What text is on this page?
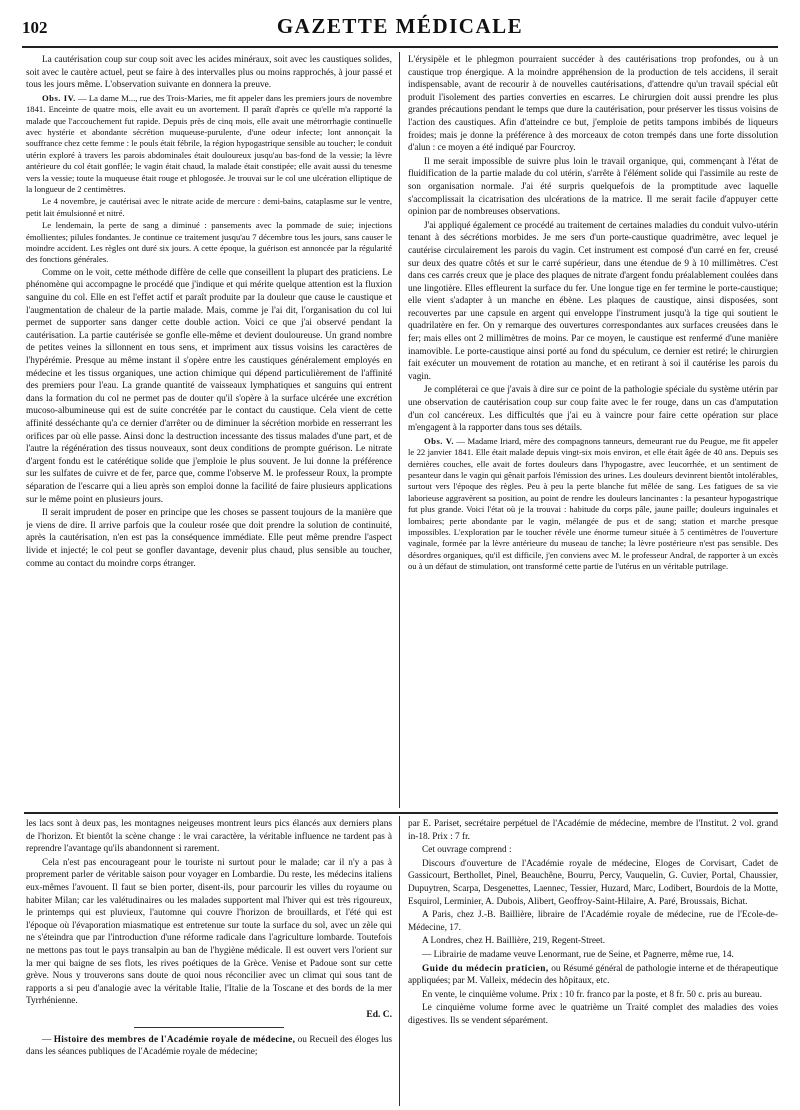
102	GAZETTE MÉDICALE

La cautérisation coup sur coup soit avec les acides minéraux, soit avec les caustiques solides, soit avec le cautère actuel, peut se faire à des intervalles plus ou moins rapprochés, à jour passé et tous les jours même. L'observation suivante en donnera la preuve.

Obs. IV. — La dame M..., rue des Trois-Maries, me fit appeler dans les premiers jours de novembre 1841. Enceinte de quatre mois, elle avait eu un avortement. Il paraît d'après ce qu'elle m'a rapporté la malade que l'accouchement fut rapide. Depuis près de cinq mois, elle avait une métrorrhagie continuelle avec hystérie et abondante sécrétion muqueuse-purulente, d'une odeur infecte; lont annonçait la souffrance chez cette femme : le pouls était fébrile, la région hypogastrique sensible au toucher; le conduit utérin exploré à travers les parois abdominales était douloureux jusqu'au bas-fond de la vessie; la lèvre antérieure du col était gonflée; le vagin était chaud, la malade était constipée; elle avait aussi du tenesme vers la vessie; toute la muqueuse était rouge et phlogosée. Je trouvai sur le col une ulcération elliptique de la longueur de 2 centimètres.

Le 4 novembre, je cautérisai avec le nitrate acide de mercure : demi-bains, cataplasme sur le ventre, petit lait émulsionné et nitré.

Le lendemain, la perte de sang a diminué : pansements avec la pommade de suie; injections émollientes; pilules fondantes. Je continue ce traitement jusqu'au 7 décembre tous les jours, sans causer le moindre accident. Les règles ont duré six jours. A cette époque, la guérison est annoncée par la régularité des fonctions générales.

Comme on le voit, cette méthode diffère de celle que conseillent la plupart des praticiens. Le phénomène qui accompagne le procédé que j'indique et qui mérite quelque attention est la fluxion sanguine du col. Elle en est l'effet actif et paraît produite par la douleur que cause le caustique et l'augmentation de chaleur de la partie malade. Mais, comme je l'ai dit, l'organisation du col lui permet de supporter sans danger cette double action. Voici ce que j'ai observé pendant la cautérisation. La partie cautérisée se gonfle elle-même et devient douloureuse. Un grand nombre de petites veines la sillonnent en tous sens, et impriment aux tissus voisins les caractères de l'hypérémie. Presque au même instant il s'opère entre les caustiques généralement employés en médecine et les tissus organiques, une action chimique qui dépend particulièrement de l'affinité des premiers pour l'eau. La grande quantité de vaisseaux lymphatiques et sanguins qui entrent dans la formation du col ne permet pas de douter qu'il s'opère à la surface ulcérée une excrétion mucoso-albumineuse qui est de suite concrétée par le contact du caustique. Cela vient de cette affinité desséchante qu'a ce dernier d'arrêter ou de diminuer la sécrétion morbide en resserrant les orifices par où elle passe. Ainsi donc la destruction incessante des tissus malades d'une part, et de l'autre la régénération des tissus nouveaux, sont deux conditions de prompte guérison. Le nitrate d'argent fondu est le catérétique solide que j'emploie le plus souvent. Je lui donne la préférence sur les sulfates de cuivre et de fer, parce que, comme l'observe M. le professeur Roux, la prompte séparation de l'escarre qui a lieu après son emploi donne la facilité de faire plusieurs applications sur le même point en plusieurs jours.

Il serait imprudent de poser en principe que les choses se passent toujours de la manière que je viens de dire. Il arrive parfois que la couleur rosée que doit prendre la solution de continuité, après la cautérisation, n'en est pas la conséquence immédiate. Elle peut même prendre l'aspect livide et injecté; le col peut se gonfler davantage, devenir plus chaud, plus sensible au toucher, comme au contact du moindre corps étranger.

L'érysipèle et le phlegmon pourraient succéder à des cautérisations trop profondes, ou à un caustique trop énergique. A la moindre appréhension de la production de tels accidens, il serait indispensable, avant de recourir à de nouvelles cautérisations, d'attendre qu'un travail spécial eût produit l'isolement des parties converties en escarres. Le chirurgien doit aussi prendre les plus grandes précautions pendant le temps que dure la cautérisation, pour préserver les tissus voisins de l'action des caustiques. Afin d'atteindre ce but, j'emploie de petits tampons imbibés de liqueurs froides; mais je donne la préférence à des morceaux de coton trempés dans une forte dissolution d'alun : ce moyen a été indiqué par Fourcroy.

Il me serait impossible de suivre plus loin le travail organique, qui, commençant à l'état de fluidification de la partie malade du col utérin, s'arrête à l'élément solide qui l'assimile au reste de son organisation normale. J'ai été surpris quelquefois de la promptitude avec laquelle s'accomplissait la cicatrisation des ulcérations de la matrice. Il me serait facile d'appuyer cette opinion par de nombreuses observations.

J'ai appliqué également ce procédé au traitement de certaines maladies du conduit vulvo-utérin tenant à des sécrétions morbides. Je me sers d'un porte-caustique quadrimètre, avec lequel je cautérise circulairement les parois du vagin. Cet instrument est composé d'un carré en fer, creusé sur deux des quatre côtés et sur le carré supérieur, dans une étendue de 9 à 10 millimètres. C'est dans ces carrés creux que je place des plaques de nitrate d'argent fondu préalablement coulées dans une lingotière. Elles effleurent la surface du fer. Une longue tige en fer termine le porte-caustique; elle vient s'adapter à un manche en ébène. Les plaques de caustique, ainsi disposées, sont recouvertes par une capsule en argent qui enveloppe l'instrument jusqu'à la tige qui soutient le quadrilatère en fer. On y remarque des ouvertures correspondantes aux surfaces creusées dans le fer; mais elles ont 2 millimètres de moins. Par ce moyen, le caustique est renfermé d'une manière inamovible. Le porte-caustique ainsi porté au fond du spéculum, ce dernier est retiré; le chirurgien fait exécuter un mouvement de rotation au manche, et en retirant à soi il cautérise les parois du vagin.

Je compléterai ce que j'avais à dire sur ce point de la pathologie spéciale du système utérin par une observation de cautérisation coup sur coup faite avec le fer rouge, dans un cas d'amputation d'un col cancéreux. Les difficultés que j'ai eu à vaincre pour faire cette opération sur place m'engagent à la rapporter dans tous ses détails.

Obs. V. — Madame Iriard, mère des compagnons tanneurs, demeurant rue du Peugue, me fit appeler le 22 janvier 1841. Elle était malade depuis vingt-six mois environ, et elle était âgée de 40 ans. Depuis ses dernières couches, elle avait de fortes douleurs dans l'hypogastre, avec leucorrhée, et un sentiment de pesanteur dans le vagin qui gênait parfois l'émission des urines. Les douleurs devinrent bientôt intolérables, surtout vers l'époque des règles. Peu à peu la perte blanche fut mêlée de sang. Les fatigues de sa vie laborieuse aggravèrent sa position, au point de rendre les douleurs lancinantes : la pesanteur hypogastrique fut plus grande. Voici l'état où je la trouvai : habitude du corps pâle, jaune paille; douleurs inguinales et lombaires; perte abondante par le vagin, mélangée de pus et de sang; station et marche presque impossibles. L'exploration par le toucher révèle une énorme tumeur située à 5 centimètres de l'ouverture vaginale, formée par la lèvre antérieure du museau de tanche; la lèvre postérieure n'est pas sensible. Des désordres organiques, qu'il est difficile, j'en conviens avec M. le professeur Andral, de rapporter à un excès ou à un défaut de stimulation, ont transformé cette partie de l'utérus en un véritable putrilage.

les lacs sont à deux pas, les montagnes neigeuses montrent leurs pics élancés aux derniers plans de l'horizon. Et bientôt la scène change : le vrai caractère, la véritable influence ne tardent pas à reprendre l'avantage qu'ils abandonnent si rarement.

Cela n'est pas encourageant pour le touriste ni surtout pour le malade; car il n'y a pas à proprement parler de véritable saison pour voyager en Lombardie. Du reste, les médecins italiens eux-mêmes l'avouent. Il faut se bien porter, disent-ils, pour parcourir les villes du royaume ou habiter Milan; car les valétudinaires ou les malades supportent mal l'hiver qui est très rigoureux, le printemps qui est pluvieux, l'automne qui couvre l'horizon de brouillards, et l'été qui est l'époque où l'évaporation miasmatique est entretenue sur toute la surface du sol, avec un zèle qui ne s'éteindra que par l'introduction d'une réforme radicale dans l'agriculture lombarde. Toutefois ne mettons pas tout le pays transalpin au ban de l'hygiène médicale. Il est ouvert vers l'orient sur la mer qui baigne de ses flots, les rives poétiques de la Grèce. Venise et Padoue sont sur cette grève. Nous y trouverons sans doute de quoi nous réconcilier avec un climat qui sous tant de rapports a si peu d'analogie avec la véritable Italie, l'Italie de la Toscane et des bords de la mer Tyrrhénienne.

Ed. C.

— Histoire des membres de l'Académie royale de médecine, ou Recueil des éloges lus dans les séances publiques de l'Académie royale de médecine;

par E. Pariset, secrétaire perpétuel de l'Académie de médecine, membre de l'Institut. 2 vol. grand in-18. Prix : 7 fr.

Cet ouvrage comprend :

Discours d'ouverture de l'Académie royale de médecine, Eloges de Corvisart, Cadet de Gassicourt, Berthollet, Pinel, Beauchêne, Bourru, Percy, Vauquelin, G. Cuvier, Portal, Chaussier, Dupuytren, Scarpa, Desgenettes, Laennec, Tessier, Huzard, Marc, Lodibert, Bourdois de la Motte, Esquirol, Lerminier, A. Dubois, Alibert, Geoffroy-Saint-Hilaire, A. Paré, Broussais, Bichat.

A Paris, chez J.-B. Baillière, libraire de l'Académie royale de médecine, rue de l'Ecole-de-Médecine, 17.

A Londres, chez H. Baillière, 219, Regent-Street.

— Librairie de madame veuve Lenormant, rue de Seine, et Pagnerre, même rue, 14.

Guide du médecin praticien, ou Résumé général de pathologie interne et de thérapeutique appliquées; par M. Valleix, médecin des hôpitaux, etc.

En vente, le cinquième volume. Prix : 10 fr. franco par la poste, et 8 fr. 50 c. pris au bureau.

Le cinquième volume forme avec le quatrième un Traité complet des maladies des voies digestives. Ils se vendent séparément.
